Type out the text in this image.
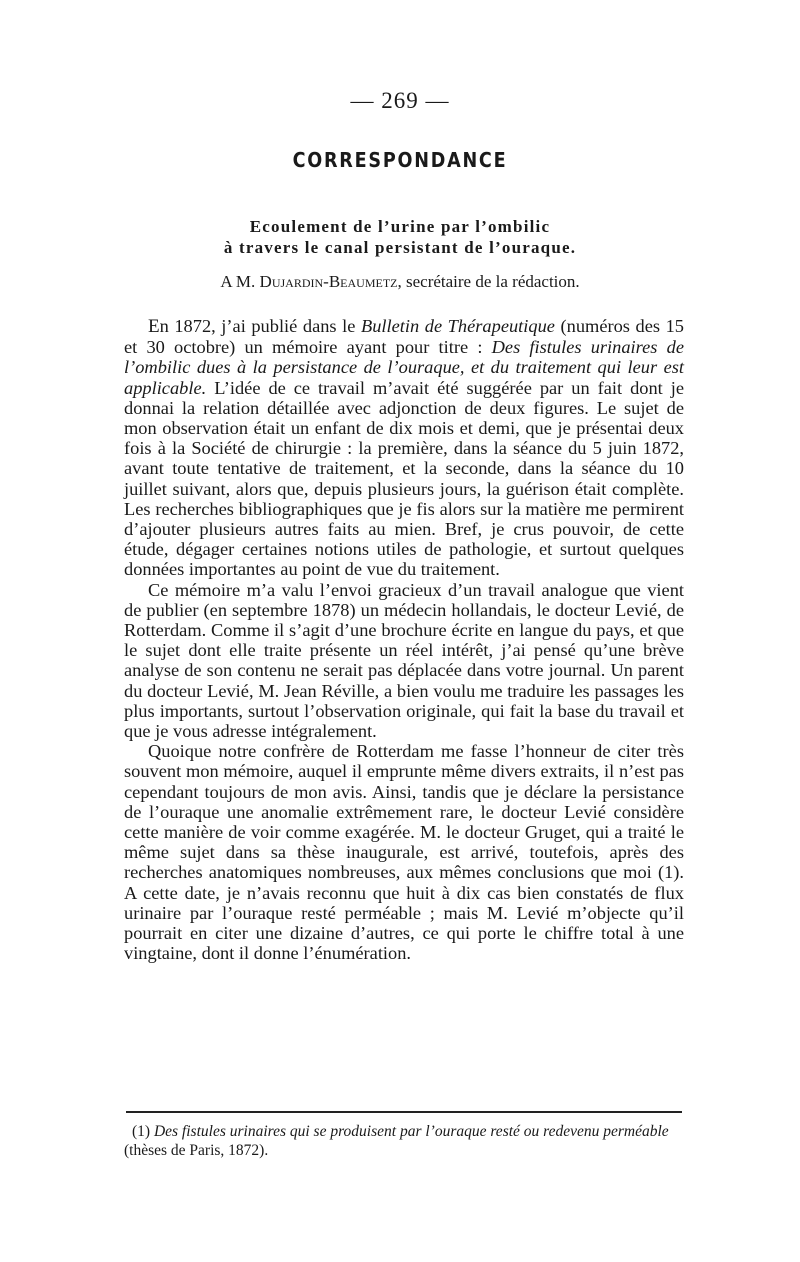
— 269 —
CORRESPONDANCE
Ecoulement de l’urine par l’ombilic
à travers le canal persistant de l’ouraque.
A M. Dujardin-Beaumetz, secrétaire de la rédaction.

En 1872, j’ai publié dans le Bulletin de Thérapeutique (numéros des 15 et 30 octobre) un mémoire ayant pour titre : Des fistules urinaires de l’ombilic dues à la persistance de l’ouraque, et du traitement qui leur est applicable. L’idée de ce travail m’avait été suggérée par un fait dont je donnai la relation détaillée avec adjonction de deux figures. Le sujet de mon observation était un enfant de dix mois et demi, que je présentai deux fois à la Société de chirurgie : la première, dans la séance du 5 juin 1872, avant toute tentative de traitement, et la seconde, dans la séance du 10 juillet suivant, alors que, depuis plusieurs jours, la guérison était complète. Les recherches bibliographiques que je fis alors sur la matière me permirent d’ajouter plusieurs autres faits au mien. Bref, je crus pouvoir, de cette étude, dégager certaines notions utiles de pathologie, et surtout quelques données importantes au point de vue du traitement.

Ce mémoire m’a valu l’envoi gracieux d’un travail analogue que vient de publier (en septembre 1878) un médecin hollandais, le docteur Levié, de Rotterdam. Comme il s’agit d’une brochure écrite en langue du pays, et que le sujet dont elle traite présente un réel intérêt, j’ai pensé qu’une brève analyse de son contenu ne serait pas déplacée dans votre journal. Un parent du docteur Levié, M. Jean Réville, a bien voulu me traduire les passages les plus importants, surtout l’observation originale, qui fait la base du travail et que je vous adresse intégralement.

Quoique notre confrère de Rotterdam me fasse l’honneur de citer très souvent mon mémoire, auquel il emprunte même divers extraits, il n’est pas cependant toujours de mon avis. Ainsi, tandis que je déclare la persistance de l’ouraque une anomalie extrêmement rare, le docteur Levié considère cette manière de voir comme exagérée. M. le docteur Gruget, qui a traité le même sujet dans sa thèse inaugurale, est arrivé, toutefois, après des recherches anatomiques nombreuses, aux mêmes conclusions que moi (1). A cette date, je n’avais reconnu que huit à dix cas bien constatés de flux urinaire par l’ouraque resté perméable ; mais M. Levié m’objecte qu’il pourrait en citer une dizaine d’autres, ce qui porte le chiffre total à une vingtaine, dont il donne l’énumération.

(1) Des fistules urinaires qui se produisent par l’ouraque resté ou redevenu perméable (thèses de Paris, 1872).
